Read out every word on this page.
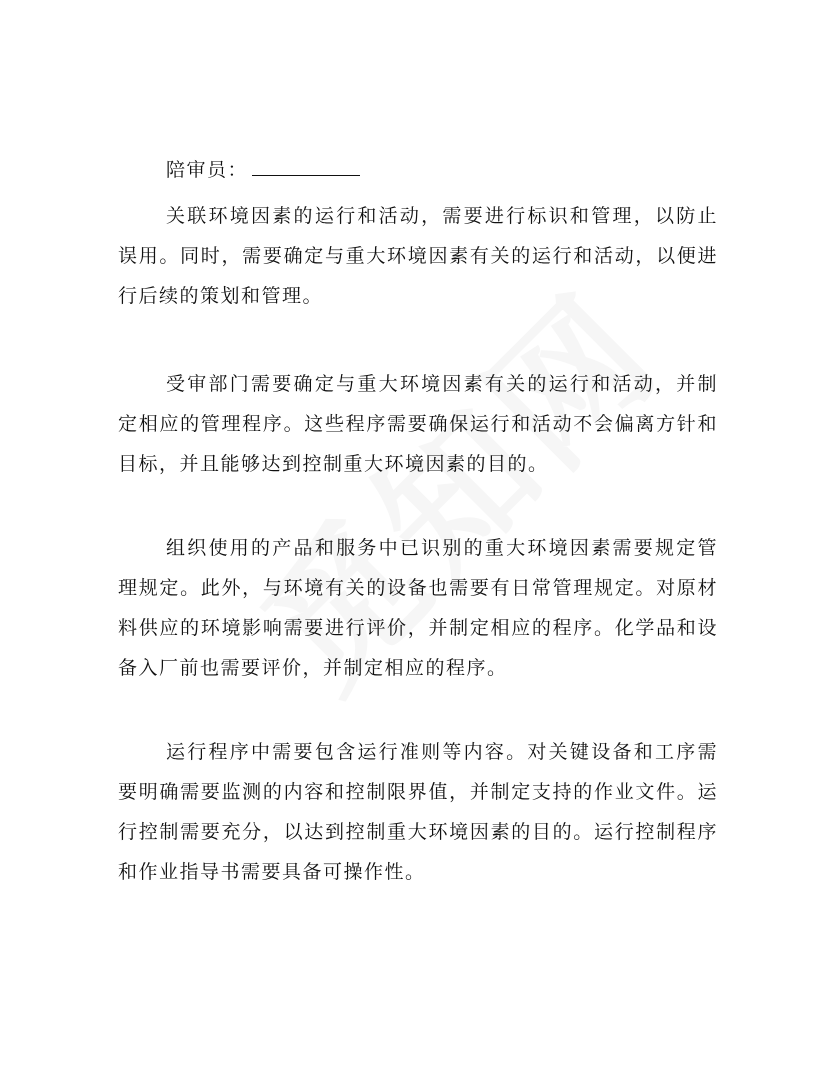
陪审员：

关联环境因素的运行和活动，需要进行标识和管理，以防止误用。同时，需要确定与重大环境因素有关的运行和活动，以便进行后续的策划和管理。

受审部门需要确定与重大环境因素有关的运行和活动，并制定相应的管理程序。这些程序需要确保运行和活动不会偏离方针和目标，并且能够达到控制重大环境因素的目的。

组织使用的产品和服务中已识别的重大环境因素需要规定管理规定。此外，与环境有关的设备也需要有日常管理规定。对原材料供应的环境影响需要进行评价，并制定相应的程序。化学品和设备入厂前也需要评价，并制定相应的程序。

运行程序中需要包含运行准则等内容。对关键设备和工序需要明确需要监测的内容和控制限界值，并制定支持的作业文件。运行控制需要充分，以达到控制重大环境因素的目的。运行控制程序和作业指导书需要具备可操作性。
